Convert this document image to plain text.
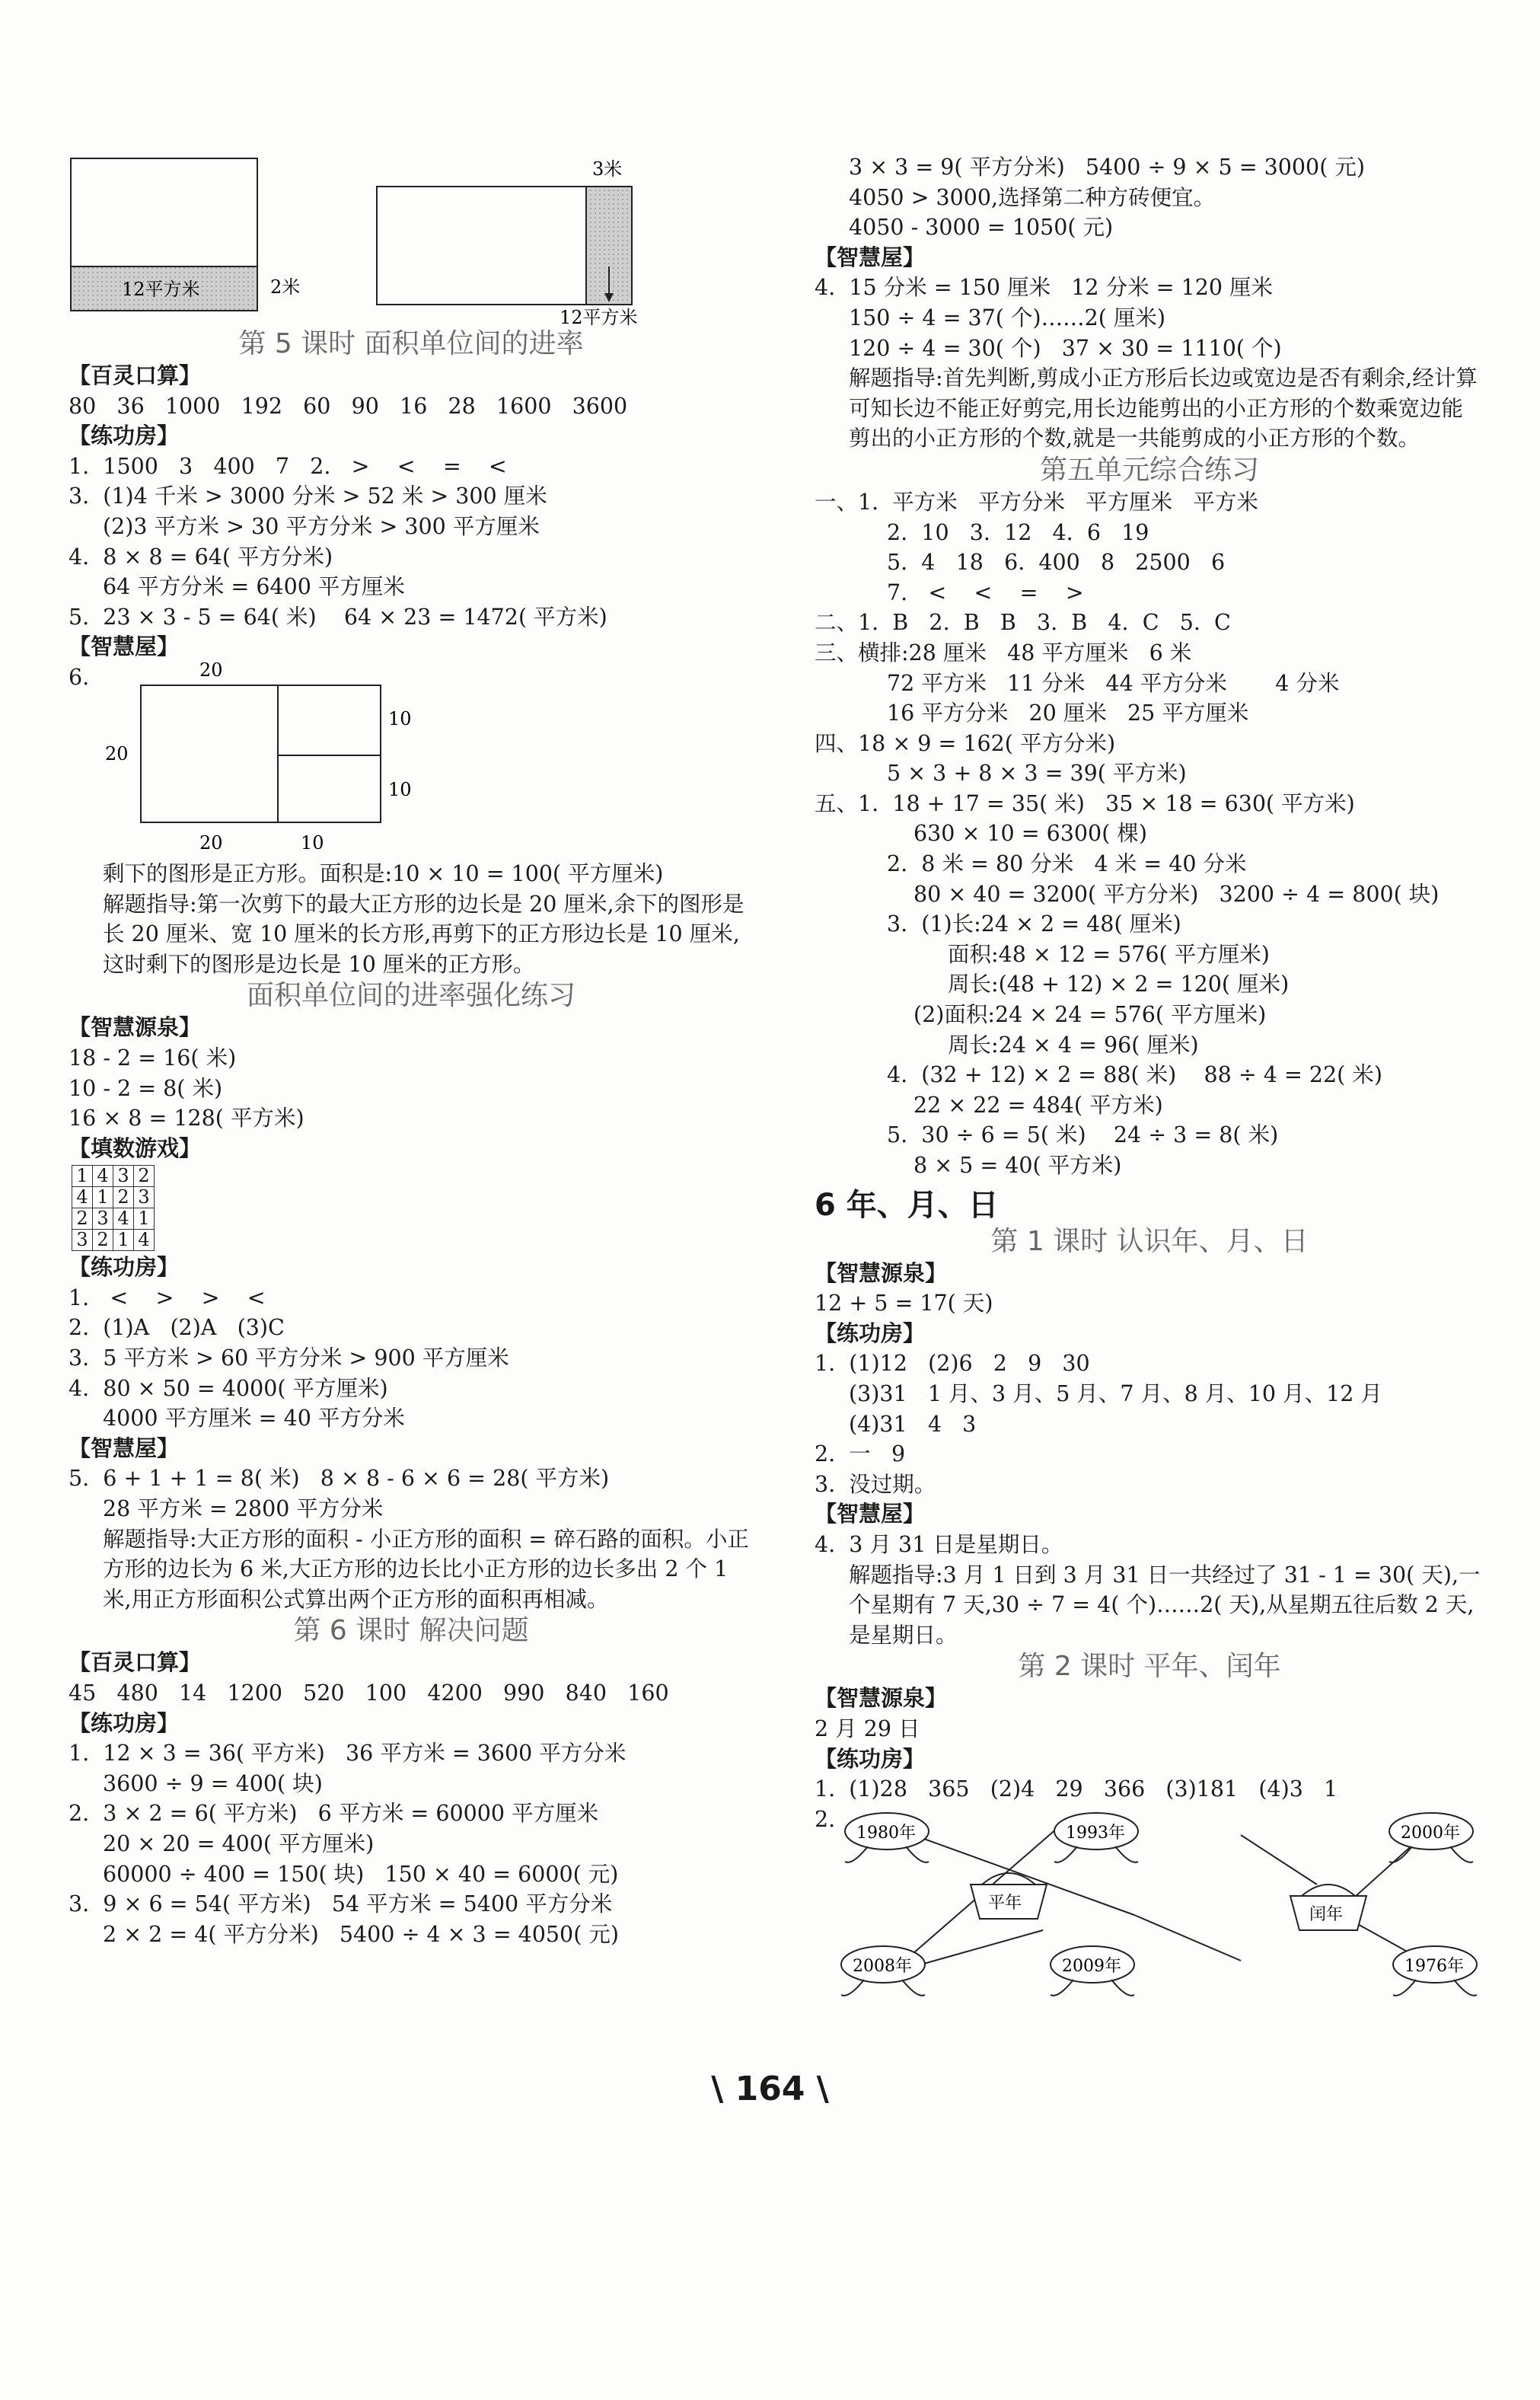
12平方米	2米
3米
12平方米
第 5 课时 面积单位间的进率
【百灵口算】
80   36   1000   192   60   90   16   28   1600   3600
【练功房】
1.  1500   3   400   7   2.   >    <    =    <
3.  (1)4 千米 > 3000 分米 > 52 米 > 300 厘米
(2)3 平方米 > 30 平方分米 > 300 平方厘米
4.  8 × 8 = 64( 平方分米)
64 平方分米 = 6400 平方厘米
5.  23 × 3 - 5 = 64( 米)    64 × 23 = 1472( 平方米)
【智慧屋】
6.	20
20
10
10
20	10
剩下的图形是正方形。面积是:10 × 10 = 100( 平方厘米)
解题指导:第一次剪下的最大正方形的边长是 20 厘米,余下的图形是长 20 厘米、宽 10 厘米的长方形,再剪下的正方形边长是 10 厘米,这时剩下的图形是边长是 10 厘米的正方形。
面积单位间的进率强化练习
【智慧源泉】
18 - 2 = 16( 米)
10 - 2 = 8( 米)
16 × 8 = 128( 平方米)
【填数游戏】
1	4	3	2
4	1	2	3
2	3	4	1
3	2	1	4
【练功房】
1.   <    >    >    <
2.  (1)A   (2)A   (3)C
3.  5 平方米 > 60 平方分米 > 900 平方厘米
4.  80 × 50 = 4000( 平方厘米)
4000 平方厘米 = 40 平方分米
【智慧屋】
5.  6 + 1 + 1 = 8( 米)   8 × 8 - 6 × 6 = 28( 平方米)
28 平方米 = 2800 平方分米
解题指导:大正方形的面积 - 小正方形的面积 = 碎石路的面积。小正方形的边长为 6 米,大正方形的边长比小正方形的边长多出 2 个 1 米,用正方形面积公式算出两个正方形的面积再相减。
第 6 课时 解决问题
【百灵口算】
45   480   14   1200   520   100   4200   990   840   160
【练功房】
1.  12 × 3 = 36( 平方米)   36 平方米 = 3600 平方分米
3600 ÷ 9 = 400( 块)
2.  3 × 2 = 6( 平方米)   6 平方米 = 60000 平方厘米
20 × 20 = 400( 平方厘米)
60000 ÷ 400 = 150( 块)   150 × 40 = 6000( 元)
3.  9 × 6 = 54( 平方米)   54 平方米 = 5400 平方分米
2 × 2 = 4( 平方分米)   5400 ÷ 4 × 3 = 4050( 元)
3 × 3 = 9( 平方分米)   5400 ÷ 9 × 5 = 3000( 元)
4050 > 3000,选择第二种方砖便宜。
4050 - 3000 = 1050( 元)
【智慧屋】
4.  15 分米 = 150 厘米   12 分米 = 120 厘米
150 ÷ 4 = 37( 个)……2( 厘米)
120 ÷ 4 = 30( 个)   37 × 30 = 1110( 个)
解题指导:首先判断,剪成小正方形后长边或宽边是否有剩余,经计算可知长边不能正好剪完,用长边能剪出的小正方形的个数乘宽边能剪出的小正方形的个数,就是一共能剪成的小正方形的个数。
第五单元综合练习
一、1.  平方米   平方分米   平方厘米   平方米
2.  10   3.  12   4.  6   19
5.  4   18   6.  400   8   2500   6
7.   <    <    =    >
二、1.  B   2.  B   B   3.  B   4.  C   5.  C
三、横排:28 厘米   48 平方厘米   6 米
72 平方米   11 分米   44 平方分米       4 分米
16 平方分米   20 厘米   25 平方厘米
四、18 × 9 = 162( 平方分米)
5 × 3 + 8 × 3 = 39( 平方米)
五、1.  18 + 17 = 35( 米)   35 × 18 = 630( 平方米)
630 × 10 = 6300( 棵)
2.  8 米 = 80 分米   4 米 = 40 分米
80 × 40 = 3200( 平方分米)   3200 ÷ 4 = 800( 块)
3.  (1)长:24 × 2 = 48( 厘米)
面积:48 × 12 = 576( 平方厘米)
周长:(48 + 12) × 2 = 120( 厘米)
(2)面积:24 × 24 = 576( 平方厘米)
周长:24 × 4 = 96( 厘米)
4.  (32 + 12) × 2 = 88( 米)    88 ÷ 4 = 22( 米)
22 × 22 = 484( 平方米)
5.  30 ÷ 6 = 5( 米)    24 ÷ 3 = 8( 米)
8 × 5 = 40( 平方米)
6 年、月、日
第 1 课时 认识年、月、日
【智慧源泉】
12 + 5 = 17( 天)
【练功房】
1.  (1)12   (2)6   2   9   30
(3)31   1 月、3 月、5 月、7 月、8 月、10 月、12 月
(4)31   4   3
2.  一   9
3.  没过期。
【智慧屋】
4.  3 月 31 日是星期日。
解题指导:3 月 1 日到 3 月 31 日一共经过了 31 - 1 = 30( 天),一个星期有 7 天,30 ÷ 7 = 4( 个)……2( 天),从星期五往后数 2 天,是星期日。
第 2 课时 平年、闰年
【智慧源泉】
2 月 29 日
【练功房】
1.  (1)28   365   (2)4   29   366   (3)181   (4)3   1
2.
1980年	1993年	2000年
平年
闰年
2008年	2009年	1976年
\ 164 \
